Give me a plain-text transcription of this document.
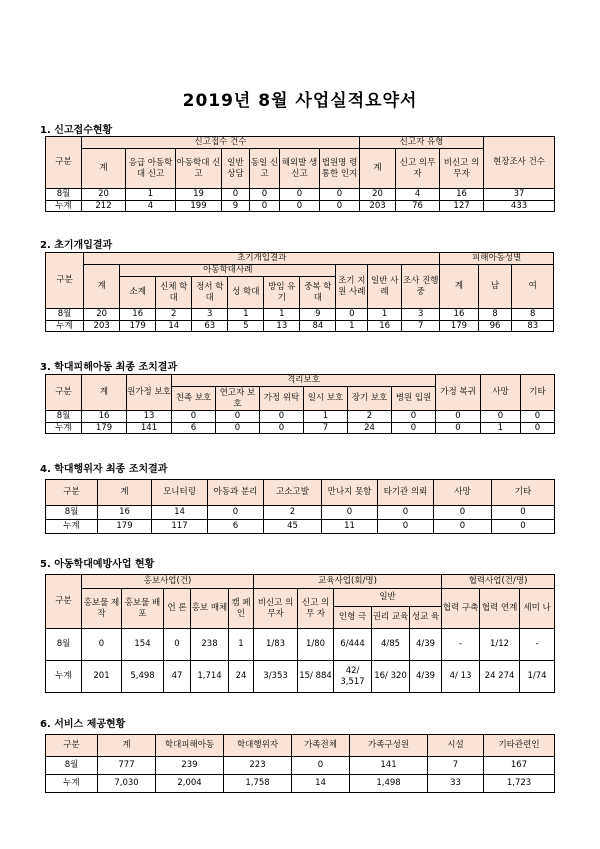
2019년 8월 사업실적요약서
1. 신고접수현황
구분	신고접수 건수							신고자 유형			현장조사 건수
	계	응급 아동학대 신고	아동학대 신고	일반 상담	동일 신고	해외발 생신고	법원명 령통한 인지	계	신고 의무자	비신고 의무자	
8월	20	1	19	0	0	0	0	20	4	16	37
누계	212	4	199	9	0	0	0	203	76	127	433
2. 초기개입결과
구분	초기개입결과										피해아동성별		
	계	아동학대사례						조기 지원 사례	일반 사례	조사 진행중	계	남	여
		소계	신체 학대	정서 학대	성 학대	방임 유기	중복 학대						
8월	20	16	2	3	1	1	9	0	1	3	16	8	8
누계	203	179	14	63	5	13	84	1	16	7	179	96	83
3. 학대피해아동 최종 조치결과
구분	계	원가정 보호	격리보호						가정 복귀	사망	기타
			친족 보호	연고자 보호	가정 위탁	일시 보호	장기 보호	병원 입원			
8월	16	13	0	0	0	1	2	0	0	0	0
누계	179	141	6	0	0	7	24	0	0	1	0
4. 학대행위자 최종 조치결과
구분	계	모니터링	아동과 분리	고소고발	만나지 못함	타기관 의뢰	사망	기타
8월	16	14	0	2	0	0	0	0
누계	179	117	6	45	11	0	0	0
5. 아동학대예방사업 현황
구분	홍보사업(건)					교육사업(회/명)					협력사업(건/명)		
	홍보물 제작	홍보물 배포	언 론	홍보 매체	캠 페 인	비신고 의무자	신고 의무 자	일반			협력 구축	협력 연계	세미 나
								인형 극	권리 교육	성교 육			
8월	0	154	0	238	1	1/83	1/80	6/444	4/85	4/39	-	1/12	-
누계	201	5,498	47	1,714	24	3/353	15/ 884	42/ 3,517	16/ 320	4/39	4/ 13	24 274	1/74
6. 서비스 제공현황
구분	계	학대피해아동	학대행위자	가족전체	가족구성원	시설	기타관련인
8월	777	239	223	0	141	7	167
누계	7,030	2,004	1,758	14	1,498	33	1,723
